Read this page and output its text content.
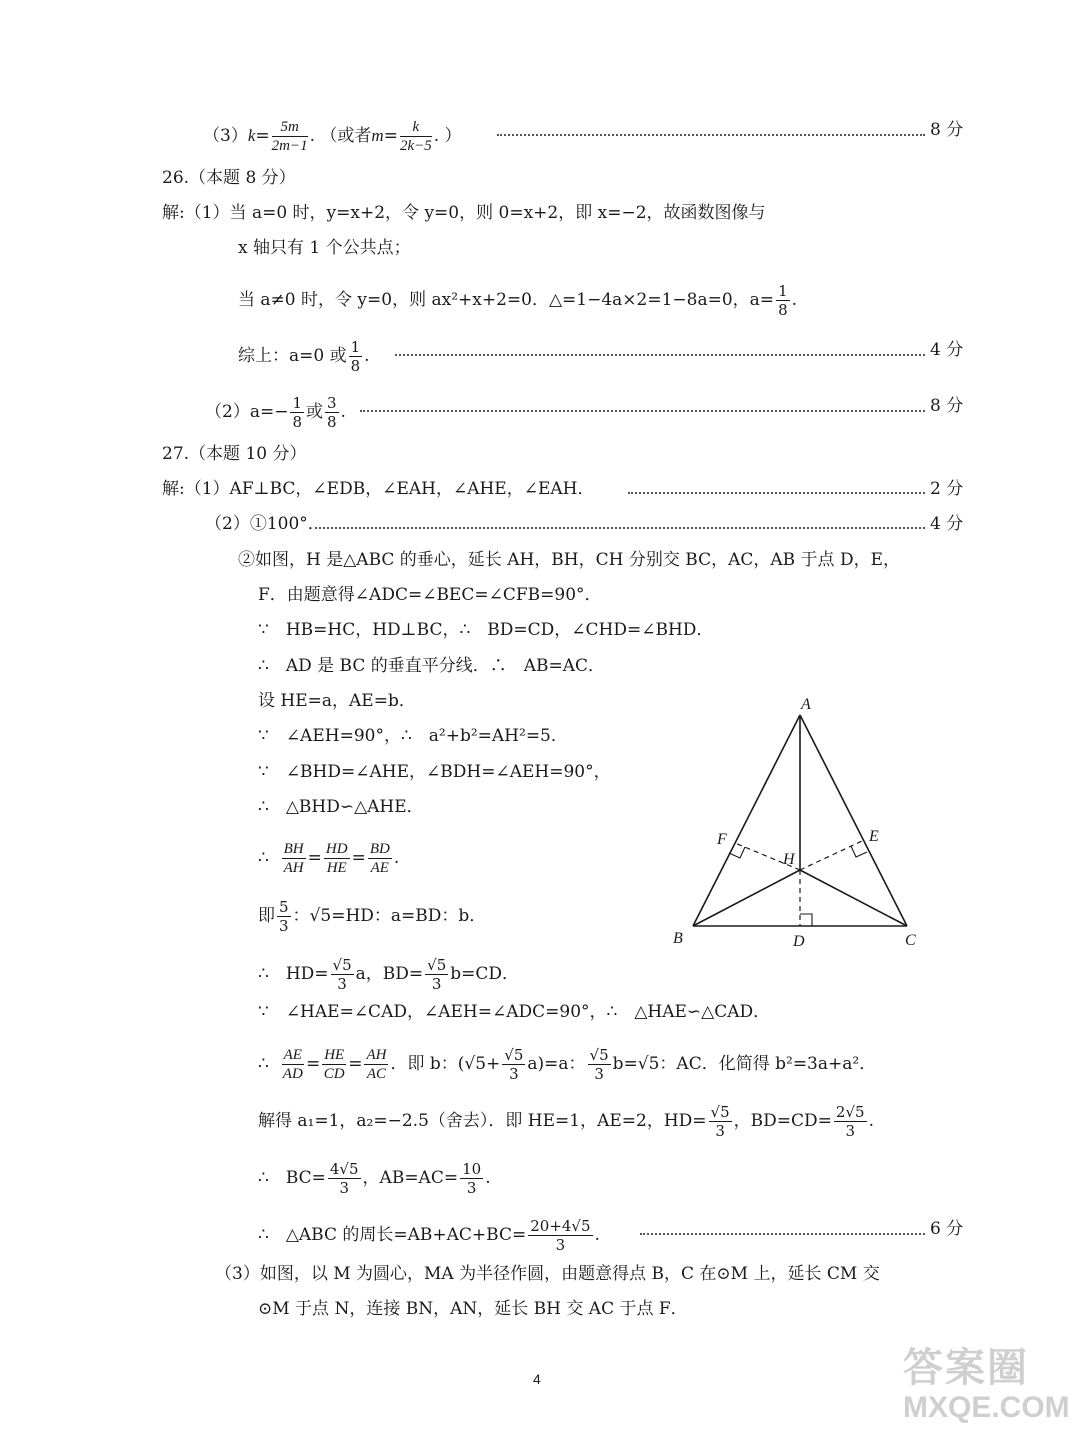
$(3)k= \frac{5m}{2m-1}$ . （或者$m= \frac{k}{2k-5}$ . ）	8 分
26.（本题 8 分）
解:（1）当 a=0 时，y=x+2，令 y=0，则 0=x+2，即 x=−2，故函数图像与
x 轴只有 1 个公共点；
当 a≠0 时，令 y=0，则 ax²+x+2=0．△=1−4a×2=1−8a=0，$a= \frac{1}{8}$ .
综上：a=0 或 $\frac{1}{8}$ .	4 分
$(2)a=- \frac{1}{8}$ 或 $\frac{3}{8}$ .	8 分
27.（本题 10 分）
解:（1）AF⊥BC，∠EDB，∠EAH，∠AHE，∠EAH．	2 分
（2）①100°．	4 分
②如图，H 是△ABC 的垂心，延长 AH，BH，CH 分别交 BC，AC，AB 于点 D，E，
F．由题意得∠ADC=∠BEC=∠CFB=90°．
∵　HB=HC，HD⊥BC，∴　BD=CD，∠CHD=∠BHD．
∴　AD 是 BC 的垂直平分线．∴　AB=AC．
设 HE=a，AE=b．
∵　∠AEH=90°，∴　a²+b²=AH²=5．
∵　∠BHD=∠AHE，∠BDH=∠AEH=90°，
∴　△BHD∽△AHE．
∴ $\frac{BH}{AH} = \frac{HD}{HE} = \frac{BD}{AE}$ .
即 $\frac{5}{3}$ ：√5=HD：a=BD：b．
∴　$HD= \frac{√5}{3}$ a，$BD= \frac{√5}{3} b=CD$．
∵　∠HAE=∠CAD，∠AEH=∠ADC=90°，∴　△HAE∽△CAD．
∴ $\frac{AE}{AD} = \frac{HE}{CD} = \frac{AH}{AC}$ ．即 b：$(√5+ \frac{√5}{3} a)=a$： $\frac{√5}{3} b=√5$：AC．化简得 b²=3a+a²．
解得 a₁=1，a₂=−2.5（舍去）．即 HE=1，AE=2，$HD= \frac{√5}{3}$ ，$BD=CD= \frac{2√5}{3}$ .
∴　$BC= \frac{4√5}{3}$ ，$AB=AC= \frac{10}{3}$ .
∴　△ABC 的周长$=AB+AC+BC= \frac{20+4√5}{3}$ .	6 分
（3）如图，以 M 为圆心，MA 为半径作圆，由题意得点 B，C 在⊙M 上，延长 CM 交
⊙M 于点 N，连接 BN，AN，延长 BH 交 AC 于点 F．
A
B	C
D
E
F
H
4	答案圈
MXQE.COM
